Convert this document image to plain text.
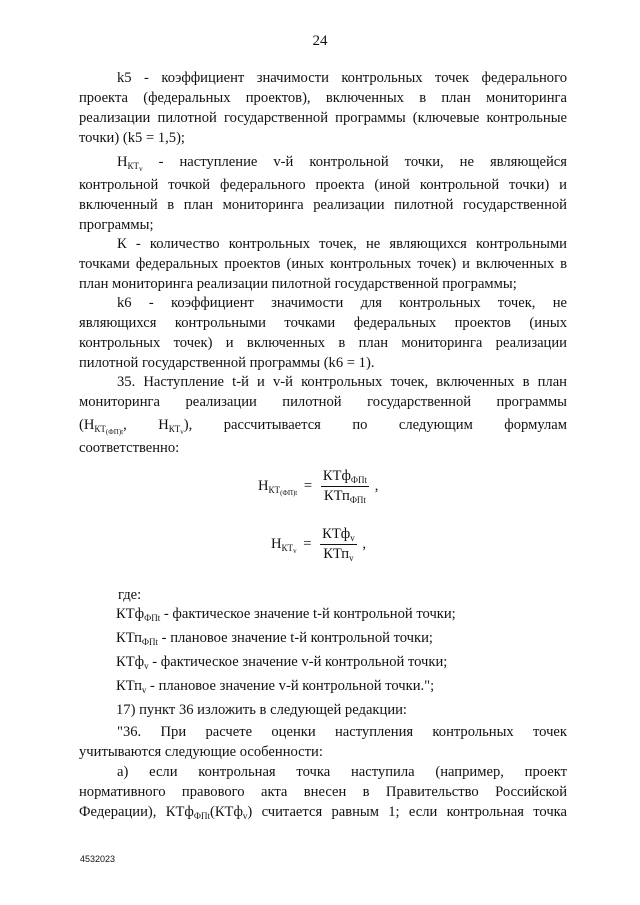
24
k5 - коэффициент значимости контрольных точек федерального
проекта (федеральных проектов), включенных в план мониторинга
реализации пилотной государственной программы (ключевые контрольные
точки) (k5 = 1,5);
$Н_{КТ_v}$ - наступление v-й контрольной точки, не являющейся
контрольной точкой федерального проекта (иной контрольной точки) и
включенный в план мониторинга реализации пилотной государственной
программы;
К - количество контрольных точек, не являющихся контрольными
точками федеральных проектов (иных контрольных точек) и включенных в
план мониторинга реализации пилотной государственной программы;
k6 - коэффициент значимости для контрольных точек, не
являющихся контрольными точками федеральных проектов (иных
контрольных точек) и включенных в план мониторинга реализации
пилотной государственной программы (k6 = 1).
35. Наступление t-й и v-й контрольных точек, включенных в план
мониторинга реализации пилотной государственной программы
($Н_{КТ_{(ФП)t}}$, $Н_{КТ_v}$), рассчитывается по следующим формулам
соответственно:
$Н_{КТ_{(ФП)t}} = \frac{КТф_{ФПt}}{КТп_{ФПt}}$ ,
$Н_{КТ_v} = \frac{КТф_v}{КТп_v}$ ,
где:
КТф$_{ФПt}$ - фактическое значение t-й контрольной точки;
КТп$_{ФПt}$ - плановое значение t-й контрольной точки;
КТф$_v$ - фактическое значение v-й контрольной точки;
КТп$_v$ - плановое значение v-й контрольной точки.";
17) пункт 36 изложить в следующей редакции:
"36. При расчете оценки наступления контрольных точек
учитываются следующие особенности:
а) если контрольная точка наступила (например, проект
нормативного правового акта внесен в Правительство Российской
Федерации), КТф$_{ФПt}$(КТф$_v$) считается равным 1; если контрольная точка
4532023
